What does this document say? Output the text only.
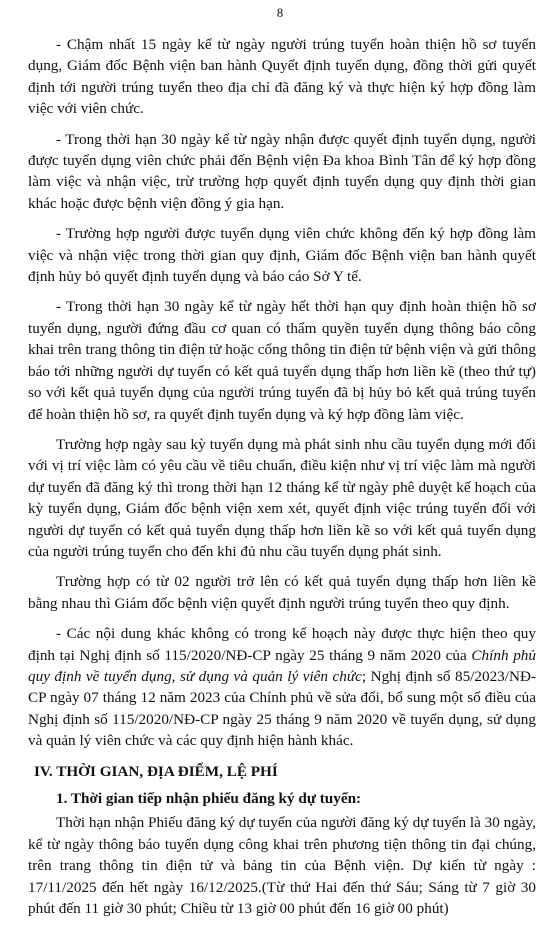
8

- Chậm nhất 15 ngày kể từ ngày người trúng tuyển hoàn thiện hồ sơ tuyển dụng, Giám đốc Bệnh viện ban hành Quyết định tuyển dụng, đồng thời gửi quyết định tới người trúng tuyển theo địa chỉ đã đăng ký và thực hiện ký hợp đồng làm việc với viên chức.

- Trong thời hạn 30 ngày kể từ ngày nhận được quyết định tuyển dụng, người được tuyển dụng viên chức phải đến Bệnh viện Đa khoa Bình Tân để ký hợp đồng làm việc và nhận việc, trừ trường hợp quyết định tuyển dụng quy định thời gian khác hoặc được bệnh viện đồng ý gia hạn.

- Trường hợp người được tuyển dụng viên chức không đến ký hợp đồng làm việc và nhận việc trong thời gian quy định, Giám đốc Bệnh viện ban hành quyết định hủy bỏ quyết định tuyển dụng và báo cáo Sở Y tế.

- Trong thời hạn 30 ngày kể từ ngày hết thời hạn quy định hoàn thiện hồ sơ tuyển dụng, người đứng đầu cơ quan có thẩm quyền tuyển dụng thông báo công khai trên trang thông tin điện tử hoặc cổng thông tin điện tử bệnh viện và gửi thông báo tới những người dự tuyển có kết quả tuyển dụng thấp hơn liền kề (theo thứ tự) so với kết quả tuyển dụng của người trúng tuyển đã bị hủy bỏ kết quả trúng tuyển để hoàn thiện hồ sơ, ra quyết định tuyển dụng và ký hợp đồng làm việc.

Trường hợp ngày sau kỳ tuyển dụng mà phát sinh nhu cầu tuyển dụng mới đối với vị trí việc làm có yêu cầu về tiêu chuẩn, điều kiện như vị trí việc làm mà người dự tuyển đã đăng ký thì trong thời hạn 12 tháng kể từ ngày phê duyệt kế hoạch của kỳ tuyển dụng, Giám đốc bệnh viện xem xét, quyết định việc trúng tuyển đối với người dự tuyển có kết quả tuyển dụng thấp hơn liền kề so với kết quả tuyển dụng của người trúng tuyển cho đến khi đủ nhu cầu tuyển dụng phát sinh.

Trường hợp có từ 02 người trở lên có kết quả tuyển dụng thấp hơn liền kề bằng nhau thì Giám đốc bệnh viện quyết định người trúng tuyển theo quy định.

- Các nội dung khác không có trong kế hoạch này được thực hiện theo quy định tại Nghị định số 115/2020/NĐ-CP ngày 25 tháng 9 năm 2020 của Chính phủ quy định về tuyển dụng, sử dụng và quản lý viên chức; Nghị định số 85/2023/NĐ-CP ngày 07 tháng 12 năm 2023 của Chính phủ về sửa đổi, bổ sung một số điều của Nghị định số 115/2020/NĐ-CP ngày 25 tháng 9 năm 2020 về tuyển dụng, sử dụng và quản lý viên chức và các quy định hiện hành khác.

IV. THỜI GIAN, ĐỊA ĐIỂM, LỆ PHÍ

1. Thời gian tiếp nhận phiếu đăng ký dự tuyển:

Thời hạn nhận Phiếu đăng ký dự tuyển của người đăng ký dự tuyển là 30 ngày, kể từ ngày thông báo tuyển dụng công khai trên phương tiện thông tin đại chúng, trên trang thông tin điện tử và bảng tin của Bệnh viện. Dự kiến từ ngày : 17/11/2025 đến hết ngày 16/12/2025.(Từ thứ Hai đến thứ Sáu; Sáng từ 7 giờ 30 phút đến 11 giờ 30 phút; Chiều từ 13 giờ 00 phút đến 16 giờ 00 phút)
